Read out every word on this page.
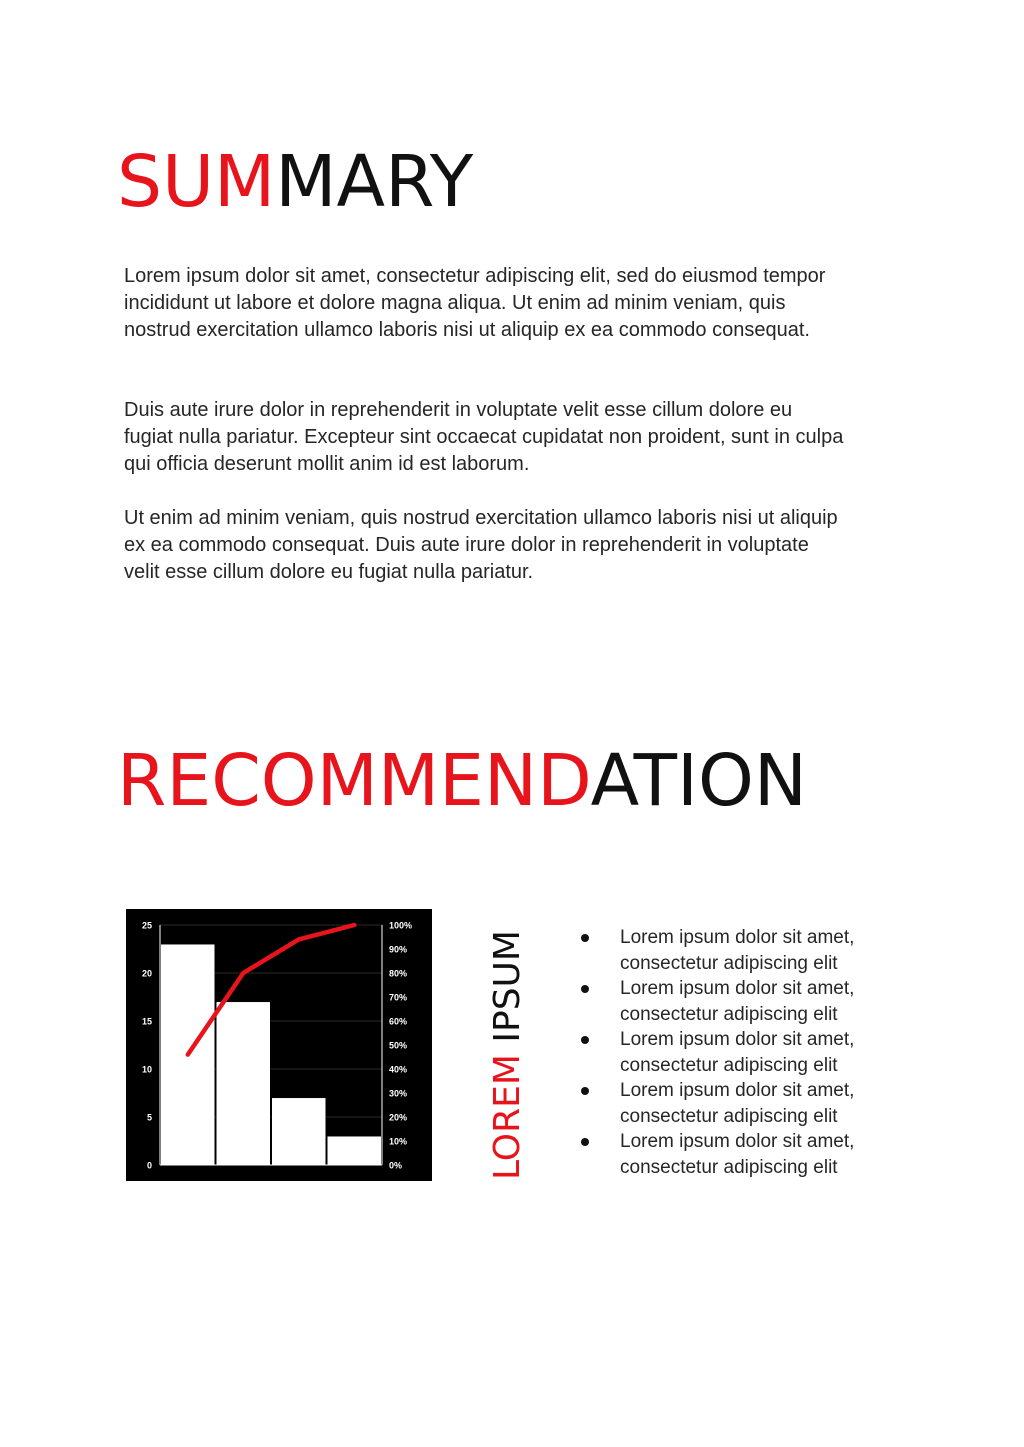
SUMMARY

Lorem ipsum dolor sit amet, consectetur adipiscing elit, sed do eiusmod tempor incididunt ut labore et dolore magna aliqua. Ut enim ad minim veniam, quis nostrud exercitation ullamco laboris nisi ut aliquip ex ea commodo consequat.

Duis aute irure dolor in reprehenderit in voluptate velit esse cillum dolore eu fugiat nulla pariatur. Excepteur sint occaecat cupidatat non proident, sunt in culpa qui officia deserunt mollit anim id est laborum.

Ut enim ad minim veniam, quis nostrud exercitation ullamco laboris nisi ut aliquip ex ea commodo consequat. Duis aute irure dolor in reprehenderit in voluptate velit esse cillum dolore eu fugiat nulla pariatur.

RECOMMENDATION
0
5
10
15
20
25
0%
10%
20%
30%
40%
50%
60%
70%
80%
90%
100%
LOREM IPSUM	Lorem ipsum dolor sit amet, consectetur adipiscing elit
Lorem ipsum dolor sit amet, consectetur adipiscing elit
Lorem ipsum dolor sit amet, consectetur adipiscing elit
Lorem ipsum dolor sit amet, consectetur adipiscing elit
Lorem ipsum dolor sit amet, consectetur adipiscing elit
